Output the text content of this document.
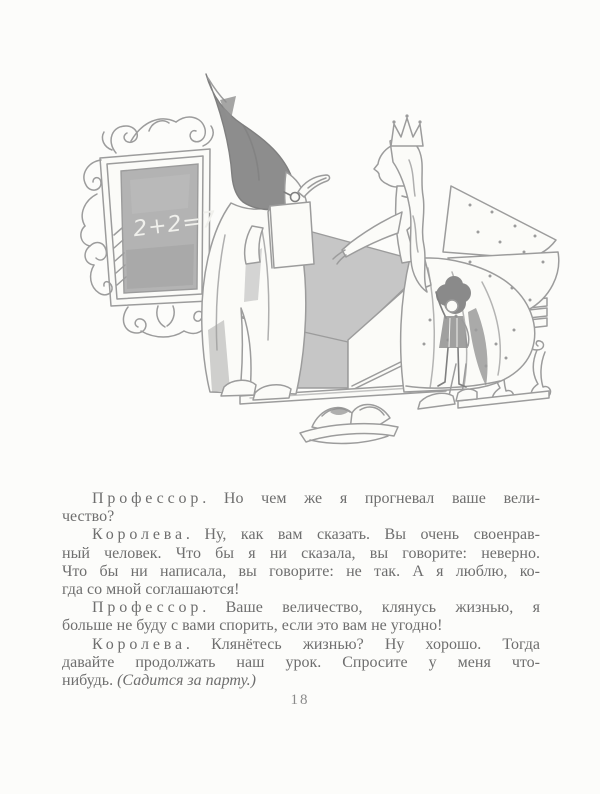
2+2=7
Профессор. Но чем же я прогневал ваше вели-
чество?
Королева. Ну, как вам сказать. Вы очень своенрав-
ный человек. Что бы я ни сказала, вы говорите: неверно.
Что бы ни написала, вы говорите: не так. А я люблю, ко-
гда со мной соглашаются!
Профессор. Ваше величество, клянусь жизнью, я
больше не буду с вами спорить, если это вам не угодно!
Королева. Клянётесь жизнью? Ну хорошо. Тогда
давайте продолжать наш урок. Спросите у меня что-
нибудь. (Садится за парту.)
18
